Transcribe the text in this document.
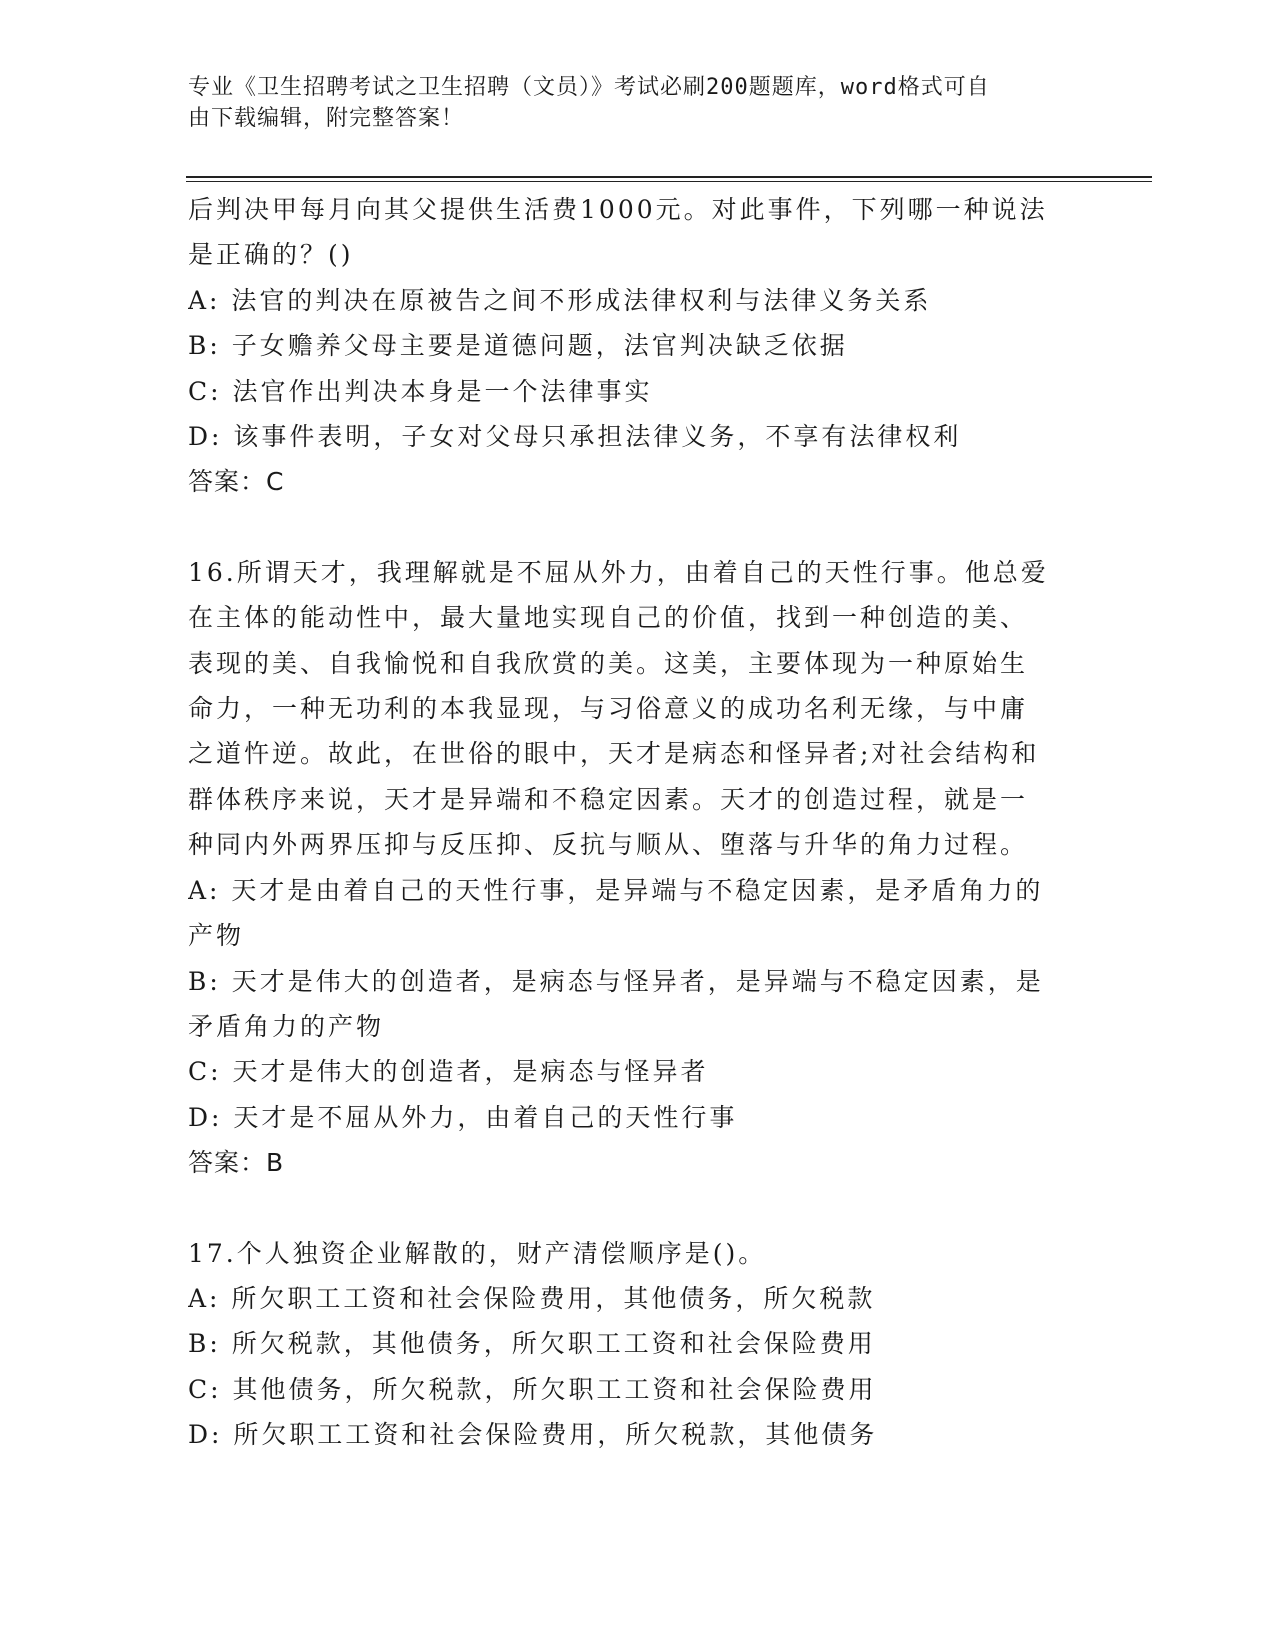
专业《卫生招聘考试之卫生招聘（文员）》考试必刷200题题库，word格式可自
由下载编辑，附完整答案！
后判决甲每月向其父提供生活费1000元。对此事件，下列哪一种说法
是正确的？()
A: 法官的判决在原被告之间不形成法律权利与法律义务关系
B: 子女赡养父母主要是道德问题，法官判决缺乏依据
C: 法官作出判决本身是一个法律事实
D: 该事件表明，子女对父母只承担法律义务，不享有法律权利
答案：C
16.所谓天才，我理解就是不屈从外力，由着自己的天性行事。他总爱
在主体的能动性中，最大量地实现自己的价值，找到一种创造的美、
表现的美、自我愉悦和自我欣赏的美。这美，主要体现为一种原始生
命力，一种无功利的本我显现，与习俗意义的成功名利无缘，与中庸
之道忤逆。故此，在世俗的眼中，天才是病态和怪异者;对社会结构和
群体秩序来说，天才是异端和不稳定因素。天才的创造过程，就是一
种同内外两界压抑与反压抑、反抗与顺从、堕落与升华的角力过程。
A: 天才是由着自己的天性行事，是异端与不稳定因素，是矛盾角力的
产物
B: 天才是伟大的创造者，是病态与怪异者，是异端与不稳定因素，是
矛盾角力的产物
C: 天才是伟大的创造者，是病态与怪异者
D: 天才是不屈从外力，由着自己的天性行事
答案：B
17.个人独资企业解散的，财产清偿顺序是()。
A: 所欠职工工资和社会保险费用，其他债务，所欠税款
B: 所欠税款，其他债务，所欠职工工资和社会保险费用
C: 其他债务，所欠税款，所欠职工工资和社会保险费用
D: 所欠职工工资和社会保险费用，所欠税款，其他债务
